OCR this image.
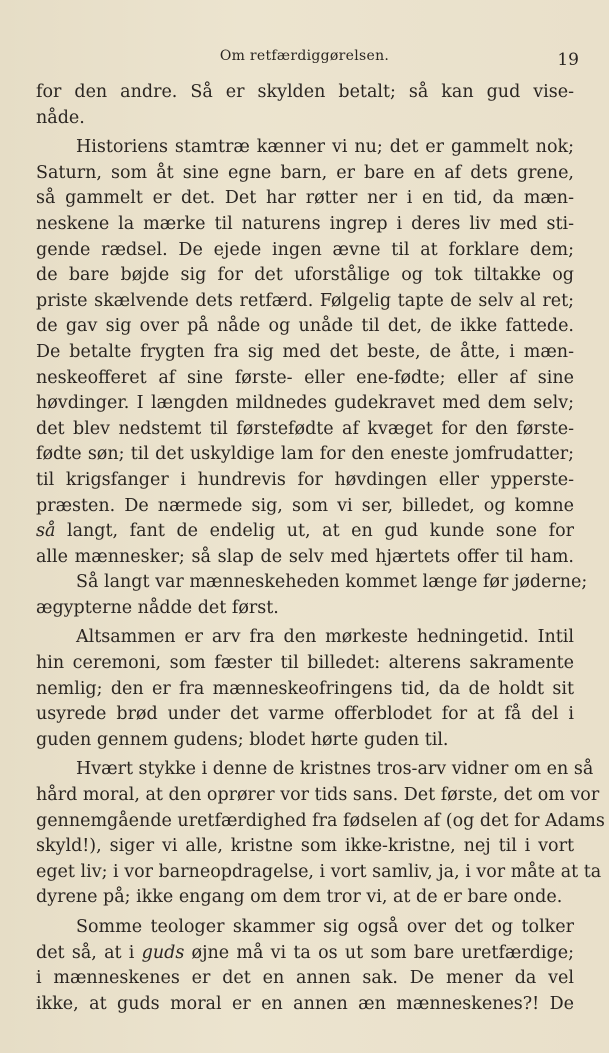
Om retfærdiggørelsen.	19
for den andre. Så er skylden betalt; så kan gud vise-
nåde.
Historiens stamtræ kænner vi nu; det er gammelt nok;
Saturn, som åt sine egne barn, er bare en af dets grene,
så gammelt er det. Det har røtter ner i en tid, da mæn-
neskene la mærke til naturens ingrep i deres liv med sti-
gende rædsel. De ejede ingen ævne til at forklare dem;
de bare bøjde sig for det uforstålige og tok tiltakke og
priste skælvende dets retfærd. Følgelig tapte de selv al ret;
de gav sig over på nåde og unåde til det, de ikke fattede.
De betalte frygten fra sig med det beste, de åtte, i mæn-
neskeofferet af sine første- eller ene-fødte; eller af sine
høvdinger. I længden mildnedes gudekravet med dem selv;
det blev nedstemt til førstefødte af kvæget for den første-
fødte søn; til det uskyldige lam for den eneste jomfrudatter;
til krigsfanger i hundrevis for høvdingen eller ypperste-
præsten. De nærmede sig, som vi ser, billedet, og komne
så langt, fant de endelig ut, at en gud kunde sone for
alle mænnesker; så slap de selv med hjærtets offer til ham.
Så langt var mænneskeheden kommet længe før jøderne;
ægypterne nådde det først.
Altsammen er arv fra den mørkeste hedningetid. Intil
hin ceremoni, som fæster til billedet: alterens sakramente
nemlig; den er fra mænneskeofringens tid, da de holdt sit
usyrede brød under det varme offerblodet for at få del i
guden gennem gudens; blodet hørte guden til.
Hvært stykke i denne de kristnes tros-arv vidner om en så
hård moral, at den oprører vor tids sans. Det første, det om vor
gennemgående uretfærdighed fra fødselen af (og det for Adams
skyld!), siger vi alle, kristne som ikke-kristne, nej til i vort
eget liv; i vor barneopdragelse, i vort samliv, ja, i vor måte at ta
dyrene på; ikke engang om dem tror vi, at de er bare onde.
Somme teologer skammer sig også over det og tolker
det så, at i guds øjne må vi ta os ut som bare uretfærdige;
i mænneskenes er det en annen sak. De mener da vel
ikke, at guds moral er en annen æn mænneskenes?! De
